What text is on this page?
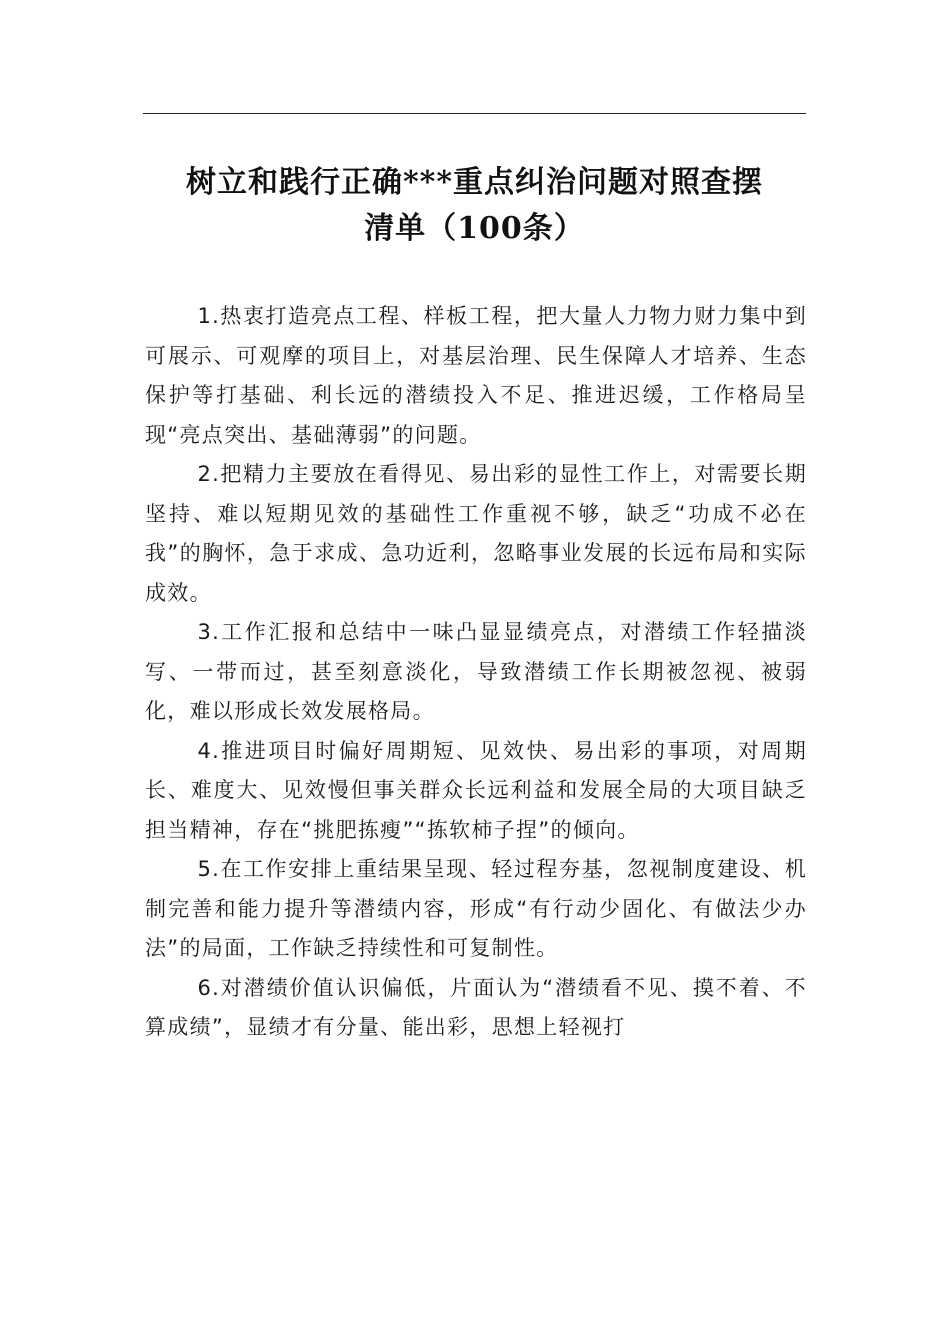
树立和践行正确***重点纠治问题对照查摆
清单（100条）

1.热衷打造亮点工程、样板工程，把大量人力物力财力集中到可展示、可观摩的项目上，对基层治理、民生保障人才培养、生态保护等打基础、利长远的潜绩投入不足、推进迟缓，工作格局呈现“亮点突出、基础薄弱”的问题。

2.把精力主要放在看得见、易出彩的显性工作上，对需要长期坚持、难以短期见效的基础性工作重视不够，缺乏“功成不必在我”的胸怀，急于求成、急功近利，忽略事业发展的长远布局和实际成效。

3.工作汇报和总结中一味凸显显绩亮点，对潜绩工作轻描淡写、一带而过，甚至刻意淡化，导致潜绩工作长期被忽视、被弱化，难以形成长效发展格局。

4.推进项目时偏好周期短、见效快、易出彩的事项，对周期长、难度大、见效慢但事关群众长远利益和发展全局的大项目缺乏担当精神，存在“挑肥拣瘦”“拣软柿子捏”的倾向。

5.在工作安排上重结果呈现、轻过程夯基，忽视制度建设、机制完善和能力提升等潜绩内容，形成“有行动少固化、有做法少办法”的局面，工作缺乏持续性和可复制性。

6.对潜绩价值认识偏低，片面认为“潜绩看不见、摸不着、不算成绩”，显绩才有分量、能出彩，思想上轻视打
